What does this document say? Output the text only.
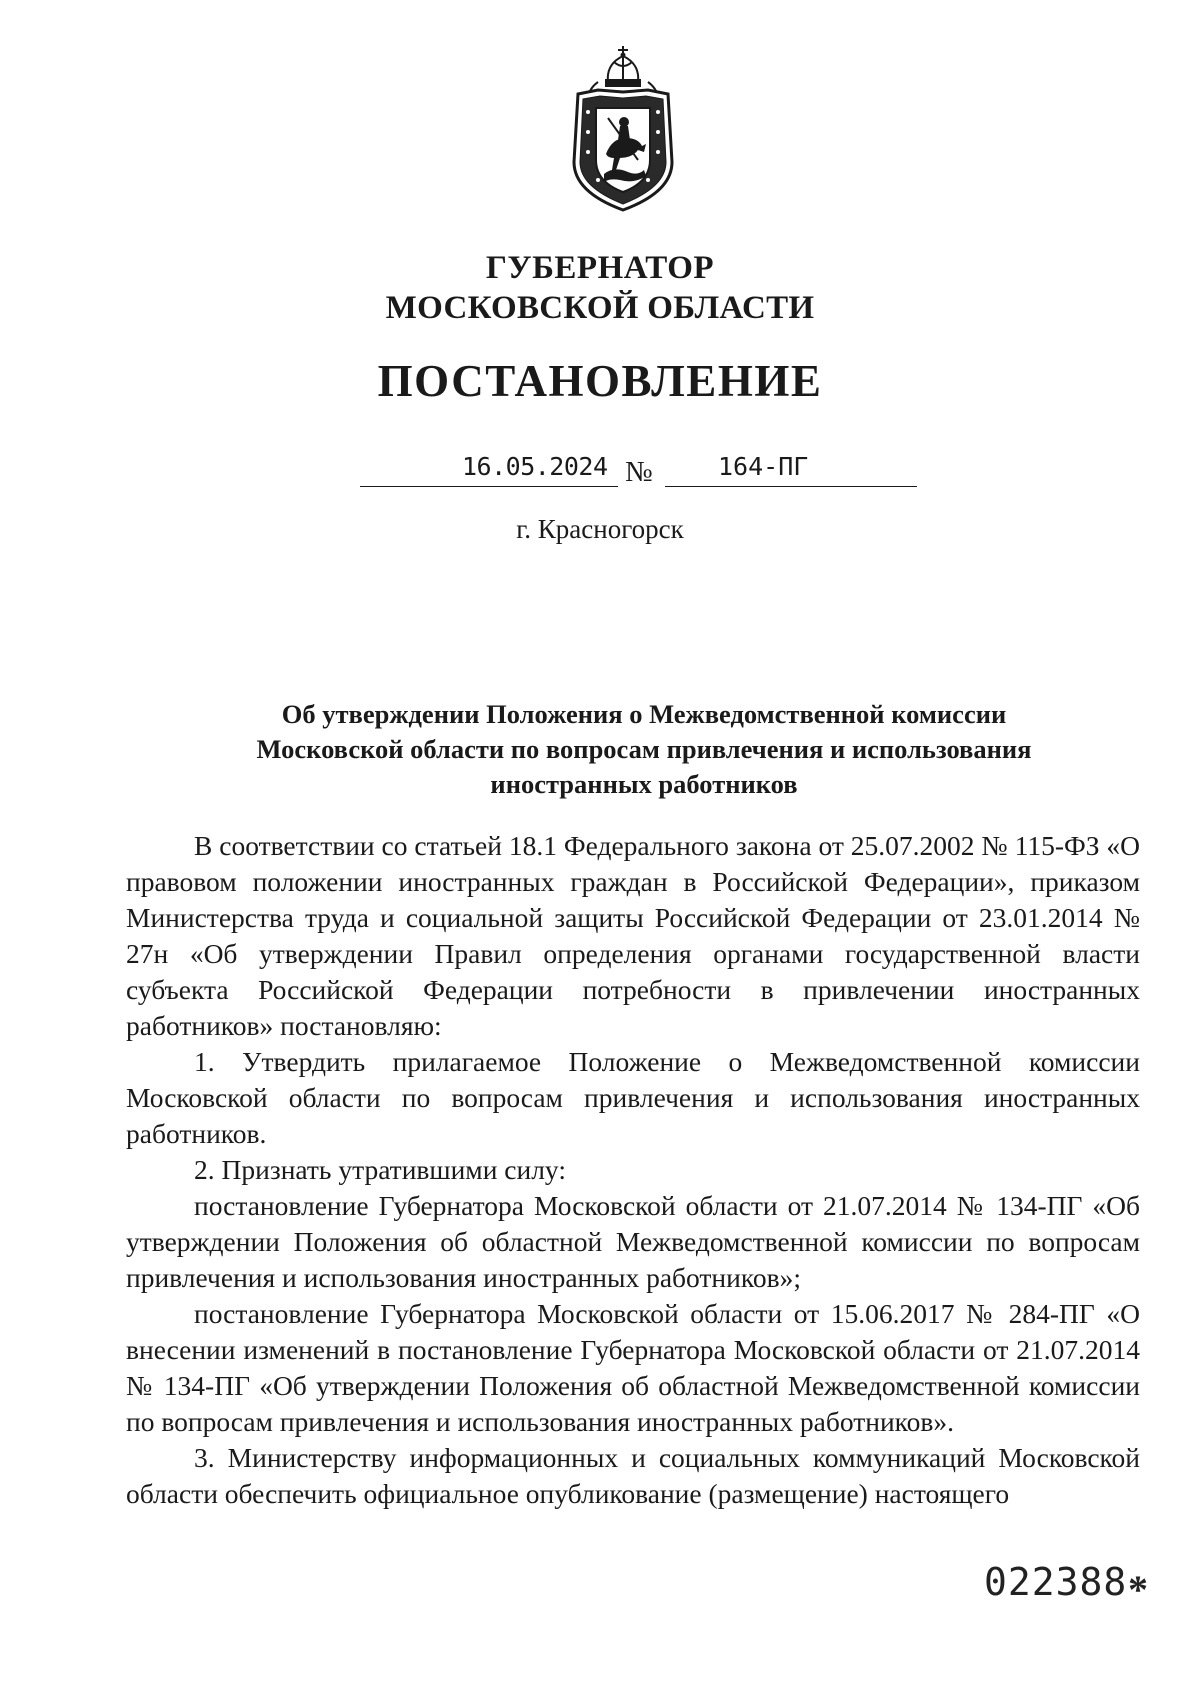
ГУБЕРНАТОР
МОСКОВСКОЙ ОБЛАСТИ
ПОСТАНОВЛЕНИЕ
16.05.2024 №	164-ПГ
г. Красногорск
Об утверждении Положения о Межведомственной комиссии
Московской области по вопросам привлечения и использования
иностранных работников

В соответствии со статьей 18.1 Федерального закона от 25.07.2002 № 115-ФЗ «О правовом положении иностранных граждан в Российской Федерации», приказом Министерства труда и социальной защиты Российской Федерации от 23.01.2014 № 27н «Об утверждении Правил определения органами государственной власти субъекта Российской Федерации потребности в привлечении иностранных работников» постановляю:

1. Утвердить прилагаемое Положение о Межведомственной комиссии Московской области по вопросам привлечения и использования иностранных работников.

2. Признать утратившими силу:

постановление Губернатора Московской области от 21.07.2014 № 134-ПГ «Об утверждении Положения об областной Межведомственной комиссии по вопросам привлечения и использования иностранных работников»;

постановление Губернатора Московской области от 15.06.2017 № 284-ПГ «О внесении изменений в постановление Губернатора Московской области от 21.07.2014 № 134-ПГ «Об утверждении Положения об областной Межведомственной комиссии по вопросам привлечения и использования иностранных работников».

3. Министерству информационных и социальных коммуникаций Московской области обеспечить официальное опубликование (размещение) настоящего

022388 *
